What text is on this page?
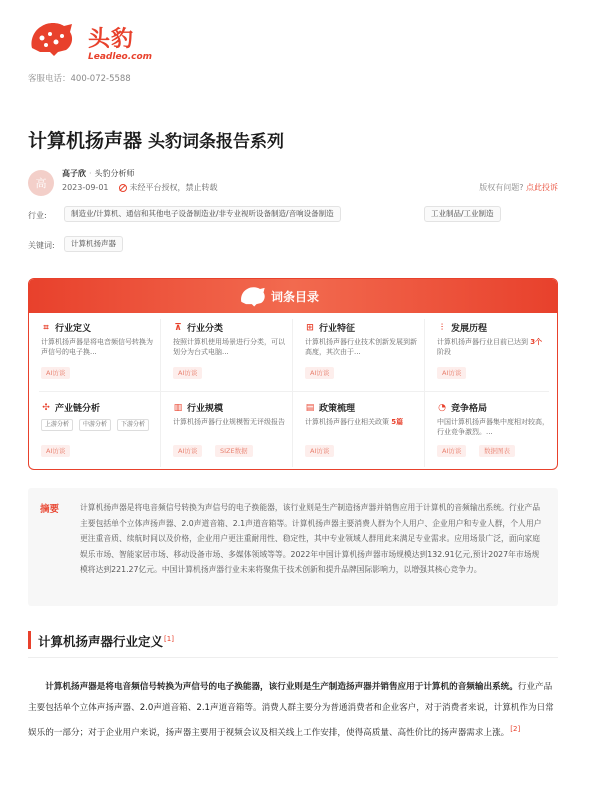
头豹
Leadleo.com
客服电话：400-072-5588
计算机扬声器 头豹词条报告系列
高
高子欣 · 头豹分析师
2023-09-01	未经平台授权，禁止转载	版权有问题? 点此投诉
行业:	制造业/计算机、通信和其他电子设备制造业/非专业视听设备制造/音响设备制造	工业制品/工业制造
关键词:	计算机扬声器
词条目录
⌗ 行业定义
计算机扬声器是将电音频信号转换为声信号的电子换...
AI访谈
⊼ 行业分类
按照计算机使用场景进行分类，可以划分为台式电脑...
AI访谈
⊞ 行业特征
计算机扬声器行业技术创新发展到新高度，其次由于...
AI访谈
⫶ 发展历程
计算机扬声器行业目前已达到 3个阶段
AI访谈
✣ 产业链分析
上游分析	中游分析	下游分析
AI访谈
▥ 行业规模
计算机扬声器行业规模暂无评级报告
AI访谈	SIZE数据
▤ 政策梳理
计算机扬声器行业相关政策 5篇
AI访谈
◔ 竞争格局
中国计算机扬声器集中度相对较高，行业竞争激烈。...
AI访谈	数据图表
摘要	计算机扬声器是将电音频信号转换为声信号的电子换能器，该行业则是生产制造扬声器并销售应用于计算机的音频输出系统。行业产品主要包括单个立体声扬声器、2.0声道音箱、2.1声道音箱等。计算机扬声器主要消费人群为个人用户、企业用户和专业人群，个人用户更注重音质、续航时间以及价格，企业用户更注重耐用性、稳定性，其中专业领域人群用此来满足专业需求。应用场景广泛，面向家庭娱乐市场、智能家居市场、移动设备市场、多媒体领域等等。2022年中国计算机扬声器市场规模达到132.91亿元,预计2027年市场规模将达到221.27亿元。中国计算机扬声器行业未来将聚焦于技术创新和提升品牌国际影响力，以增强其核心竞争力。
计算机扬声器行业定义[1]
计算机扬声器是将电音频信号转换为声信号的电子换能器，该行业则是生产制造扬声器并销售应用于计算机的音频输出系统。行业产品主要包括单个立体声扬声器、2.0声道音箱、2.1声道音箱等。消费人群主要分为普通消费者和企业客户，对于消费者来说，计算机作为日常娱乐的一部分；对于企业用户来说，扬声器主要用于视频会议及相关线上工作安排，使得高质量、高性价比的扬声器需求上涨。[2]
